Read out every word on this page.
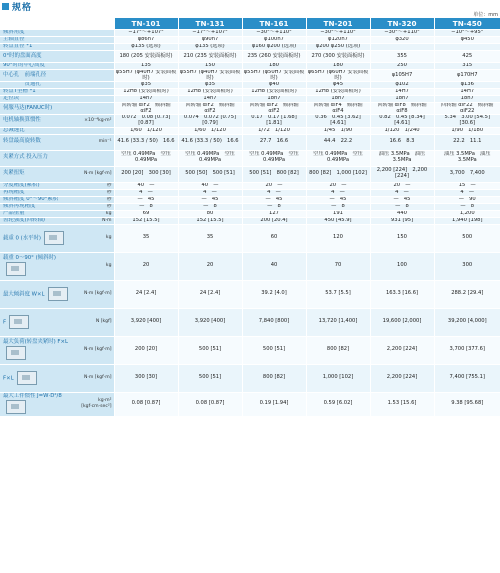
规格
单位：mm
		TN-101	TN-131	TN-161	TN-201	TN-320	TN-450
倾斜角度		−17°～+107°	−17°～+107°	−30°～+110°	−30°～+110°	−30°～+110°	−10°～+95°
主轴直径		φ86h7	φ90h7	φ100h7	φ120h7	φ320	φ450
转盘直径 *1		φ135 (选项)	φ135 (选项)	φ160 φ200 (选项)	φ200 φ250 (选项)		
0°时的盘面高度		180 (205 安装面板时)	210 (235 安装面板时)	235 (260 安装面板时)	270 (300 安装面板时)	355	425
90°时的中心高度		135	150	180	180	250	315
中心孔　前端孔径		φ55H7 (φ40H7 安装面板时)	φ55H7 (φ40H7 安装面板时)	φ55H7 (φ50H7 安装面板时)	φ65H7 (φ60H7 安装面板时)	φ105H7	φ170H7
　　　　贯通孔		φ35	φ35	φ40	φ45	φ102	φ136
转盘T型槽 *1		12H8 (安装面板时)	12H8 (安装面板时)	12H8 (安装面板时)	12H8 (安装面板时)	14H7	14H7
定位块		14h7	14h7	18h7	18h7	18h7	18h7
伺服马达(FANUC时)		回转轴 αiF2　倾斜轴 αiF2	回转轴 αiF2　倾斜轴 αiF2	回转轴 αiF2　倾斜轴 αiF2	回转轴 αiF4　倾斜轴 αiF4	回转轴 αiF8　倾斜轴 αiF8	回转轴 αiF22　倾斜轴 αiF22
电机轴换算惯性	×10⁻⁴kg·m²	0.072　0.08 [0.73]　[0.87]	0.074　0.072 [0.75]　[0.79]	0.17　0.17 [1.68]　[1.81]	0.36　0.45 [3.62]　[4.61]	0.82　0.45 [8.34]　[4.61]	5.34　3.00 [54.5]　[30.6]
总减速比		1/60　1/120	1/60　1/120	1/72　1/120	1/45　1/90	1/120　1/240	1/90　1/180
转盘最高旋转数	min⁻¹	41.6 (33.3 / 50)　16.6	41.6 (33.3 / 50)　16.6	27.7　16.6	44.4　22.2	16.6　8.3	22.2　11.1
夹紧方式 投入压力		空压 0.49MPa　空压 0.49MPa	空压 0.49MPa　空压 0.49MPa	空压 0.49MPa　空压 0.49MPa	空压 0.49MPa　空压 0.49MPa	油压 3.5MPa　油压 3.5MPa	油压 3.5MPa　油压 3.5MPa
夹紧扭矩	N·m [kgf·m]	200 [20]　300 [30]	500 [50]　500 [51]	500 [51]　800 [82]	800 [82]　1,000 [102]	2,200 [224]　2,200 [224]	3,700　7,400
分度精度(累积)	秒	40　—	40　—	20　—	20　—	20　—	15　—
再现精度	秒	4　—	4　—	4　—	4　—	4　—	4　—
倾斜精度 0°～90°累积	秒	—　45	—　45	—　45	—　45	—　45	—　90
倾斜再现精度	秒	—　8	—　8	—　8	—　8	—　8	—　8
产品重量	kg	69	80	127	191	440	1,200
齿轮强度(回转轴)	N·m	152 [15.5]	152 [15.5]	200 [20.4]	450 [45.9]	931 [95]	1,940 [198]
载重 0 (水平时)	kg	35	35	60	120	150	500
载重 0～90° (倾斜时)	kg	20	20	40	70	100	300
最大倾斜度 W×L	N·m [kgf·m]	24 [2.4]	24 [2.4]	39.2 [4.0]	53.7 [5.5]	163.3 [16.6]	288.2 [29.4]
F	N [kgf]	3,920 [400]	3,920 [400]	7,840 [800]	13,720 [1,400]	19,600 [2,000]	39,200 [4,000]
最大负荷(转盘夹紧时) F×L	N·m [kgf·m]	200 [20]	500 [51]	500 [51]	800 [82]	2,200 [224]	3,700 [377.6]
F×L	N·m [kgf·m]	300 [30]	500 [51]	800 [82]	1,000 [102]	2,200 [224]	7,400 [755.1]
最大工件惯性 J=W·D²/8	kg·m² [kgf·cm·sec²]	0.08 [0.87]	0.08 [0.87]	0.19 [1.94]	0.59 [6.02]	1.53 [15.6]	9.38 [95.68]
